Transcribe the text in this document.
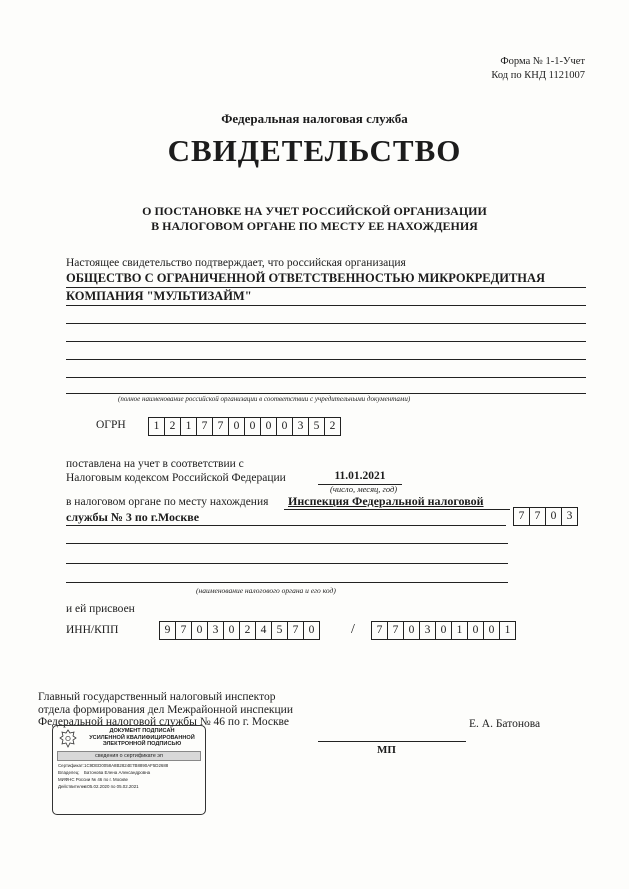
Форма № 1-1-Учет
Код по КНД 1121007
Федеральная налоговая служба
СВИДЕТЕЛЬСТВО
О ПОСТАНОВКЕ НА УЧЕТ РОССИЙСКОЙ ОРГАНИЗАЦИИ
В НАЛОГОВОМ ОРГАНЕ ПО МЕСТУ ЕЕ НАХОЖДЕНИЯ
Настоящее свидетельство подтверждает, что российская организация
ОБЩЕСТВО С ОГРАНИЧЕННОЙ ОТВЕТСТВЕННОСТЬЮ МИКРОКРЕДИТНАЯ
КОМПАНИЯ "МУЛЬТИЗАЙМ"
(полное наименование российской организации в соответствии с учредительными документами)
ОГРН	1 2 1 7 7 0 0 0 0 3 5 2
поставлена на учет в соответствии с
Налоговым кодексом Российской Федерации	11.01.2021
(число, месяц, год)
в налоговом органе по месту нахождения	Инспекция Федеральной налоговой
службы № 3 по г.Москве	7 7 0 3
(наименование налогового органа и его код)
и ей присвоен
ИНН/КПП	9 7 0 3 0 2 4 5 7 0	/	7 7 0 3 0 1 0 0 1
Главный государственный налоговый инспектор
отдела формирования дел Межрайонной инспекции
Федеральной налоговой службы № 46 по г. Москве	Е. А. Батонова
МП
ДОКУМЕНТ ПОДПИСАН
УСИЛЕННОЙ КВАЛИФИЦИРОВАННОЙ
ЭЛЕКТРОННОЙ ПОДПИСЬЮ
сведения о сертификате эп
Сертификат:1C9DED0058A8B2824E7B8890AF5D2688
Владелец: Батонова Елена Александровна
МИФНС России № 46 по г. Москве
Действителен:с 05.02.2020 по 05.02.2021
